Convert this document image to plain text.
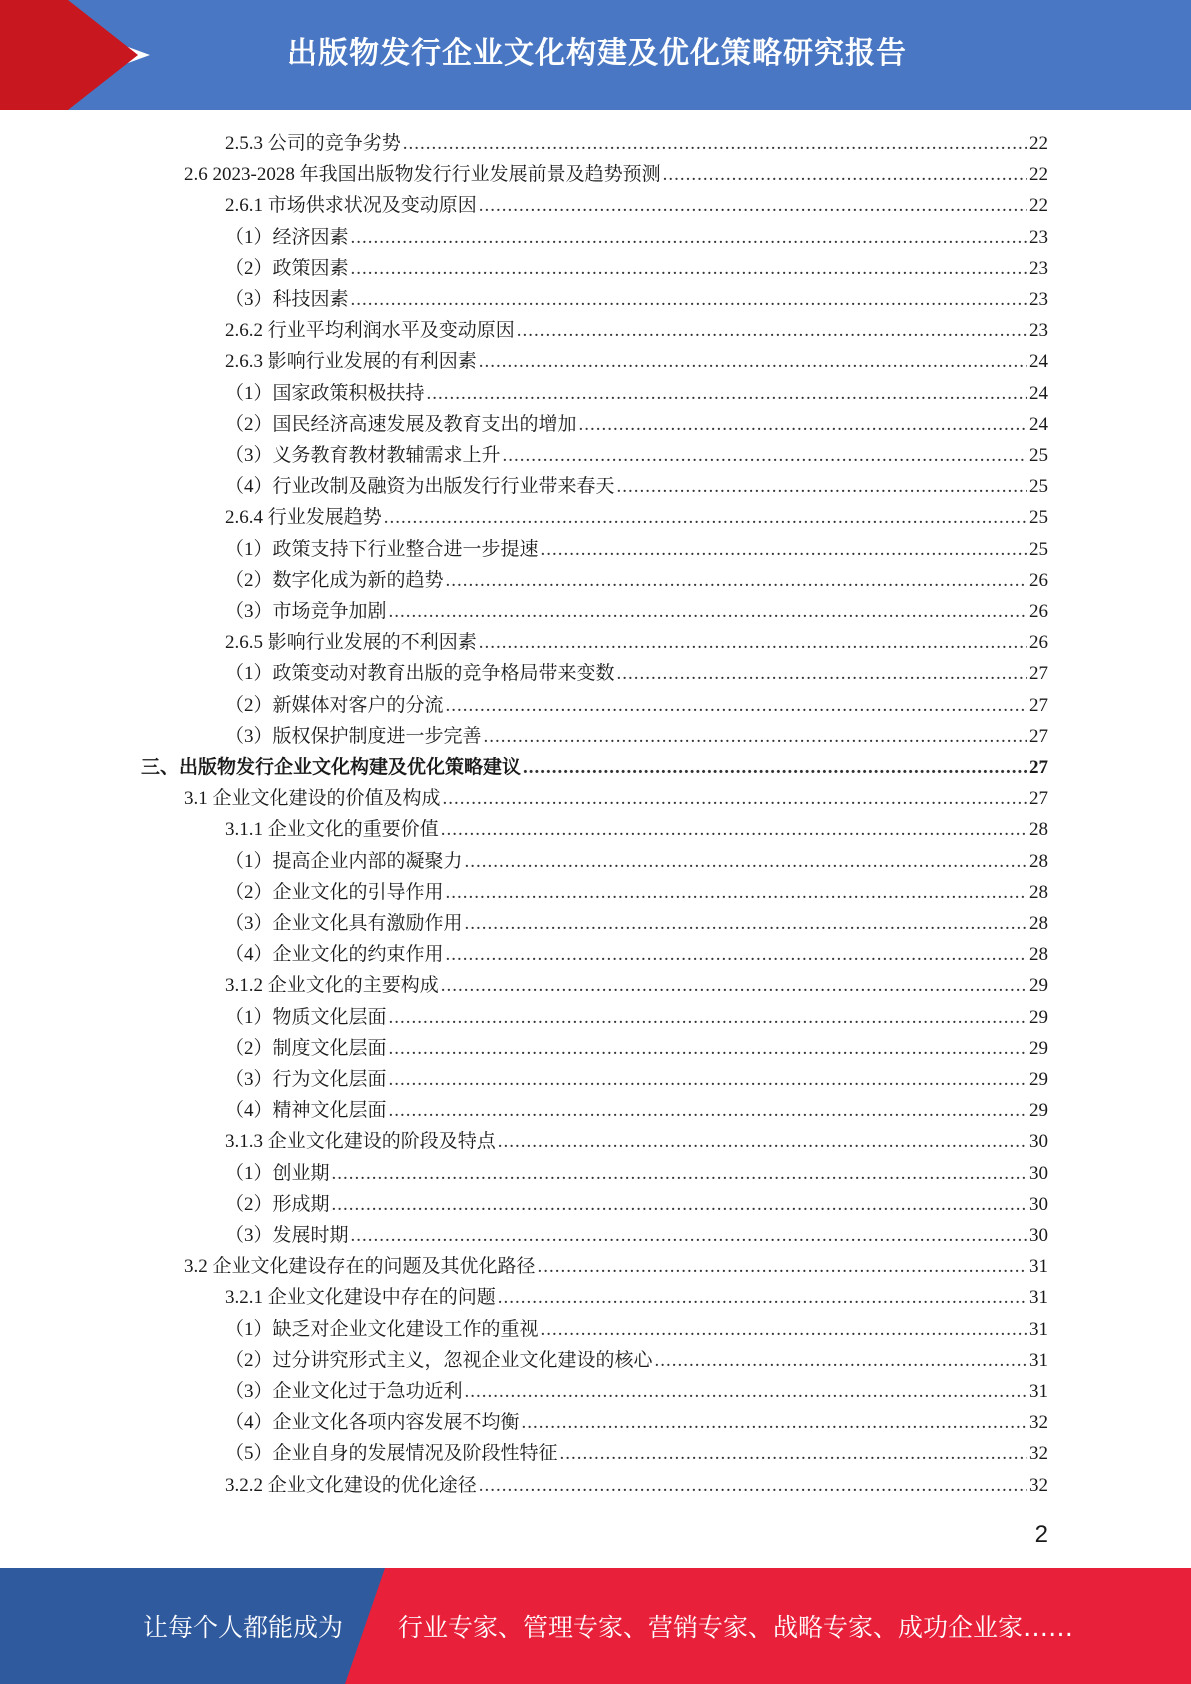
出版物发行企业文化构建及优化策略研究报告
2.5.3 公司的竞争劣势 .....	22
2.6 2023-2028 年我国出版物发行行业发展前景及趋势预测 .....	22
2.6.1 市场供求状况及变动原因 .....	22
（1）经济因素 .....	23
（2）政策因素 .....	23
（3）科技因素 .....	23
2.6.2 行业平均利润水平及变动原因 .....	23
2.6.3 影响行业发展的有利因素 .....	24
（1）国家政策积极扶持 .....	24
（2）国民经济高速发展及教育支出的增加 .....	24
（3）义务教育教材教辅需求上升 .....	25
（4）行业改制及融资为出版发行行业带来春天 .....	25
2.6.4 行业发展趋势 .....	25
（1）政策支持下行业整合进一步提速 .....	25
（2）数字化成为新的趋势 .....	26
（3）市场竞争加剧 .....	26
2.6.5 影响行业发展的不利因素 .....	26
（1）政策变动对教育出版的竞争格局带来变数 .....	27
（2）新媒体对客户的分流 .....	27
（3）版权保护制度进一步完善 .....	27
三、出版物发行企业文化构建及优化策略建议 .....	27
3.1 企业文化建设的价值及构成 .....	27
3.1.1 企业文化的重要价值 .....	28
（1）提高企业内部的凝聚力 .....	28
（2）企业文化的引导作用 .....	28
（3）企业文化具有激励作用 .....	28
（4）企业文化的约束作用 .....	28
3.1.2 企业文化的主要构成 .....	29
（1）物质文化层面 .....	29
（2）制度文化层面 .....	29
（3）行为文化层面 .....	29
（4）精神文化层面 .....	29
3.1.3 企业文化建设的阶段及特点 .....	30
（1）创业期 .....	30
（2）形成期 .....	30
（3）发展时期 .....	30
3.2 企业文化建设存在的问题及其优化路径 .....	31
3.2.1 企业文化建设中存在的问题 .....	31
（1）缺乏对企业文化建设工作的重视 .....	31
（2）过分讲究形式主义，忽视企业文化建设的核心 .....	31
（3）企业文化过于急功近利 .....	31
（4）企业文化各项内容发展不均衡 .....	32
（5）企业自身的发展情况及阶段性特征 .....	32
3.2.2 企业文化建设的优化途径 .....	32
2
让每个人都能成为 行业专家、管理专家、营销专家、战略专家、成功企业家……
